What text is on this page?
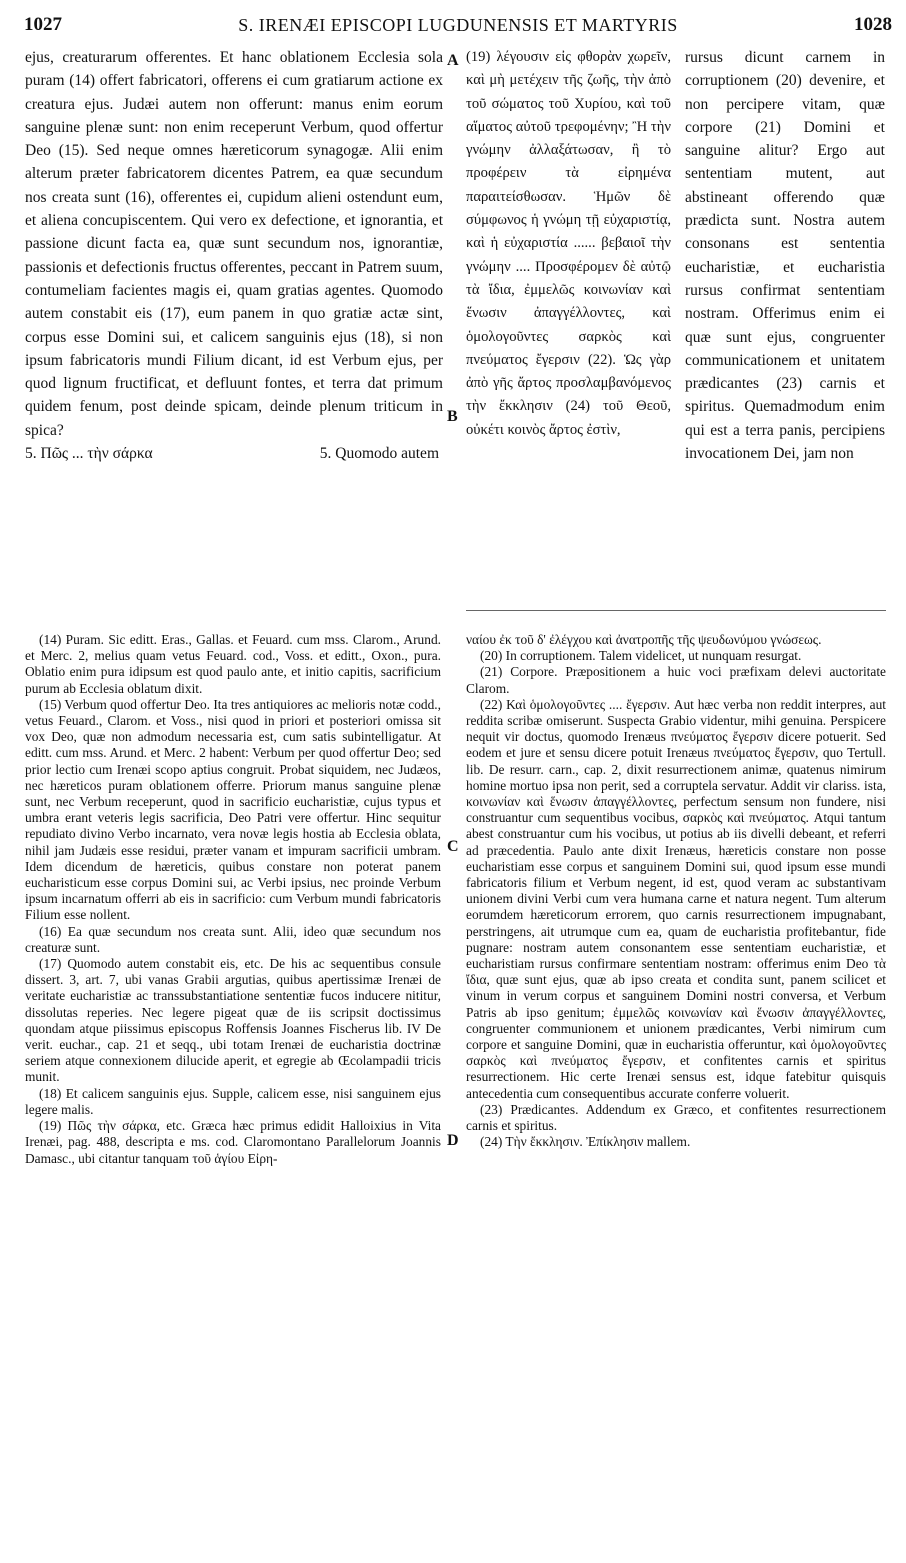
1027	S. IRENÆI EPISCOPI LUGDUNENSIS ET MARTYRIS	1028

ejus, creaturarum offerentes. Et hanc oblationem Ecclesia sola puram (14) offert fabricatori, offerens ei cum gratiarum actione ex creatura ejus. Judæi autem non offerunt: manus enim eorum sanguine plenæ sunt: non enim receperunt Verbum, quod offertur Deo (15). Sed neque omnes hæreticorum synagogæ. Alii enim alterum præter fabricatorem dicentes Patrem, ea quæ secundum nos creata sunt (16), offerentes ei, cupidum alieni ostendunt eum, et aliena concupiscentem. Qui vero ex defectione, et ignorantia, et passione dicunt facta ea, quæ sunt secundum nos, ignorantiæ, passionis et defectionis fructus offerentes, peccant in Patrem suum, contumeliam facientes magis ei, quam gratias agentes. Quomodo autem constabit eis (17), eum panem in quo gratiæ actæ sint, corpus esse Domini sui, et calicem sanguinis ejus (18), si non ipsum fabricatoris mundi Filium dicant, id est Verbum ejus, per quod lignum fructificat, et defluunt fontes, et terra dat primum quidem fenum, post deinde spicam, deinde plenum triticum in spica?

5. Πῶς ... τὴν σάρκα	5. Quomodo autem
A
B
C
D

(19) λέγουσιν εἰς φθορὰν χωρεῖν, καὶ μὴ μετέχειν τῆς ζωῆς, τὴν ἀπὸ τοῦ σώματος τοῦ Χυρίου, καὶ τοῦ αἵματος αὐτοῦ τρεφομένην; Ἢ τὴν γνώμην ἀλλαξάτωσαν, ἢ τὸ προφέρειν τὰ εἰρημένα παραιτείσθωσαν. Ἡμῶν δὲ σύμφωνος ἡ γνώμη τῇ εὐχαριστίᾳ, καὶ ἡ εὐχαριστία ...... βεβαιοῖ τὴν γνώμην .... Προσφέρομεν δὲ αὐτῷ τὰ ἴδια, ἐμμελῶς κοινωνίαν καὶ ἕνωσιν ἀπαγγέλλοντες, καὶ ὁμολογοῦντες σαρκὸς καὶ πνεύματος ἔγερσιν (22). Ὡς γὰρ ἀπὸ γῆς ἄρτος προσλαμβανόμενος τὴν ἔκκλησιν (24) τοῦ Θεοῦ, οὐκέτι κοινὸς ἄρτος ἐστὶν,

rursus dicunt carnem in corruptionem (20) devenire, et non percipere vitam, quæ corpore (21) Domini et sanguine alitur? Ergo aut sententiam mutent, aut abstineant offerendo quæ prædicta sunt. Nostra autem consonans est sententia eucharistiæ, et eucharistia rursus confirmat sententiam nostram. Offerimus enim ei quæ sunt ejus, congruenter communicationem et unitatem prædicantes (23) carnis et spiritus. Quemadmodum enim qui est a terra panis, percipiens invocationem Dei, jam non

(14) Puram. Sic editt. Eras., Gallas. et Feuard. cum mss. Clarom., Arund. et Merc. 2, melius quam vetus Feuard. cod., Voss. et editt., Oxon., pura. Oblatio enim pura idipsum est quod paulo ante, et initio capitis, sacrificium purum ab Ecclesia oblatum dixit.

(15) Verbum quod offertur Deo. Ita tres antiquiores ac melioris notæ codd., vetus Feuard., Clarom. et Voss., nisi quod in priori et posteriori omissa sit vox Deo, quæ non admodum necessaria est, cum satis subintelligatur. At editt. cum mss. Arund. et Merc. 2 habent: Verbum per quod offertur Deo; sed prior lectio cum Irenæi scopo aptius congruit. Probat siquidem, nec Judæos, nec hæreticos puram oblationem offerre. Priorum manus sanguine plenæ sunt, nec Verbum receperunt, quod in sacrificio eucharistiæ, cujus typus et umbra erant veteris legis sacrificia, Deo Patri vere offertur. Hinc sequitur repudiato divino Verbo incarnato, vera novæ legis hostia ab Ecclesia oblata, nihil jam Judæis esse residui, præter vanam et impuram sacrificii umbram. Idem dicendum de hæreticis, quibus constare non poterat panem eucharisticum esse corpus Domini sui, ac Verbi ipsius, nec proinde Verbum ipsum incarnatum offerri ab eis in sacrificio: cum Verbum mundi fabricatoris Filium esse nollent.

(16) Ea quæ secundum nos creata sunt. Alii, ideo quæ secundum nos creaturæ sunt.

(17) Quomodo autem constabit eis, etc. De his ac sequentibus consule dissert. 3, art. 7, ubi vanas Grabii argutias, quibus apertissimæ Irenæi de veritate eucharistiæ ac transsubstantiatione sententiæ fucos inducere nititur, dissolutas reperies. Nec legere pigeat quæ de iis scripsit doctissimus quondam atque piissimus episcopus Roffensis Joannes Fischerus lib. IV De verit. euchar., cap. 21 et seqq., ubi totam Irenæi de eucharistia doctrinæ seriem atque connexionem dilucide aperit, et egregie ab Œcolampadii tricis munit.

(18) Et calicem sanguinis ejus. Supple, calicem esse, nisi sanguinem ejus legere malis.

(19) Πῶς τὴν σάρκα, etc. Græca hæc primus edidit Halloixius in Vita Irenæi, pag. 488, descripta e ms. cod. Claromontano Parallelorum Joannis Damasc., ubi citantur tanquam τοῦ ἁγίου Εἰρη-

ναίου ἐκ τοῦ δ' ἐλέγχου καὶ ἀνατροπῆς τῆς ψευδωνύμου γνώσεως.

(20) In corruptionem. Talem videlicet, ut nunquam resurgat.

(21) Corpore. Præpositionem a huic voci præfixam delevi auctoritate Clarom.

(22) Καὶ ὁμολογοῦντες .... ἔγερσιν. Aut hæc verba non reddit interpres, aut reddita scribæ omiserunt. Suspecta Grabio videntur, mihi genuina. Perspicere nequit vir doctus, quomodo Irenæus πνεύματος ἔγερσιν dicere potuerit. Sed eodem et jure et sensu dicere potuit Irenæus πνεύματος ἔγερσιν, quo Tertull. lib. De resurr. carn., cap. 2, dixit resurrectionem animæ, quatenus nimirum homine mortuo ipsa non perit, sed a corruptela servatur. Addit vir clariss. ista, κοινωνίαν καὶ ἕνωσιν ἀπαγγέλλοντες, perfectum sensum non fundere, nisi construantur cum sequentibus vocibus, σαρκὸς καὶ πνεύματος. Atqui tantum abest construantur cum his vocibus, ut potius ab iis divelli debeant, et referri ad præcedentia. Paulo ante dixit Irenæus, hæreticis constare non posse eucharistiam esse corpus et sanguinem Domini sui, quod ipsum esse mundi fabricatoris filium et Verbum negent, id est, quod veram ac substantivam unionem divini Verbi cum vera humana carne et natura negent. Tum alterum eorumdem hæreticorum errorem, quo carnis resurrectionem impugnabant, perstringens, ait utrumque cum ea, quam de eucharistia profitebantur, fide pugnare: nostram autem consonantem esse sententiam eucharistiæ, et eucharistiam rursus confirmare sententiam nostram: offerimus enim Deo τὰ ἴδια, quæ sunt ejus, quæ ab ipso creata et condita sunt, panem scilicet et vinum in verum corpus et sanguinem Domini nostri conversa, et Verbum Patris ab ipso genitum; ἐμμελῶς κοινωνίαν καὶ ἕνωσιν ἀπαγγέλλοντες, congruenter communionem et unionem prædicantes, Verbi nimirum cum corpore et sanguine Domini, quæ in eucharistia offeruntur, καὶ ὁμολογοῦντες σαρκὸς καὶ πνεύματος ἔγερσιν, et confitentes carnis et spiritus resurrectionem. Hic certe Irenæi sensus est, idque fatebitur quisquis antecedentia cum consequentibus accurate conferre voluerit.

(23) Prædicantes. Addendum ex Græco, et confitentes resurrectionem carnis et spiritus.

(24) Τὴν ἔκκλησιν. Ἐπίκλησιν mallem.
